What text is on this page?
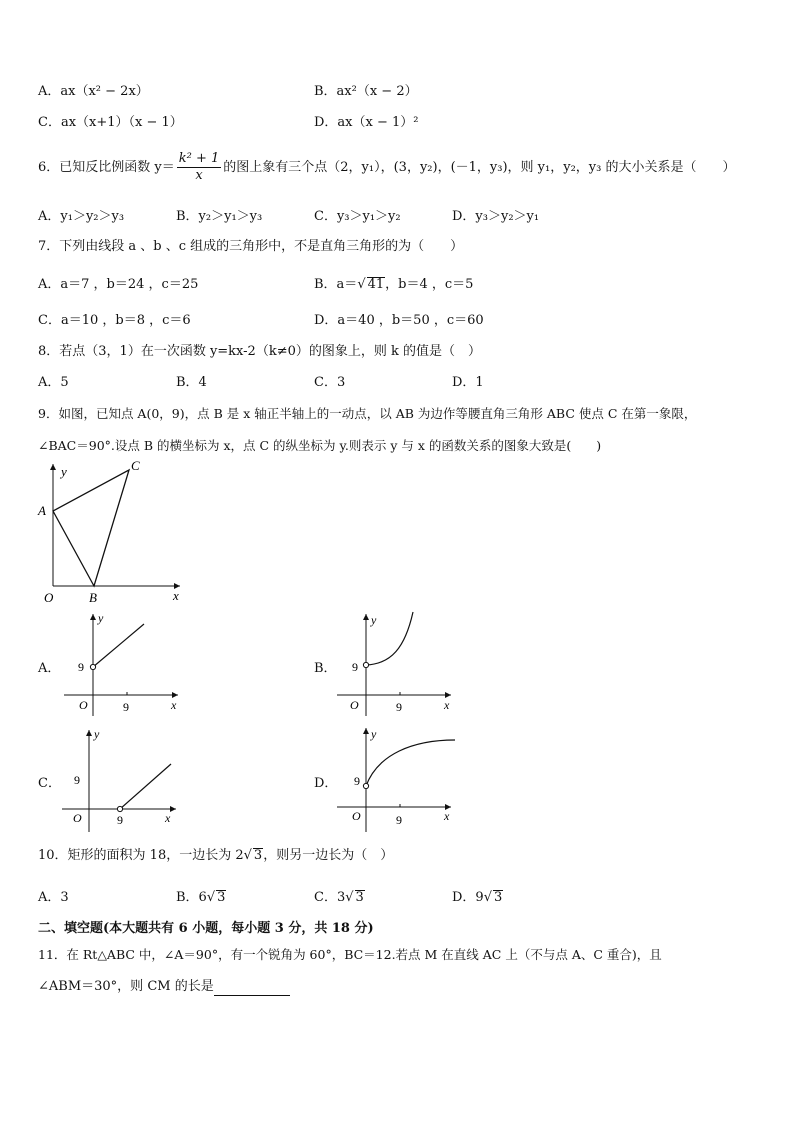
A．ax（x² − 2x）	B．ax²（x − 2）
C．ax（x+1）（x − 1）	D．ax（x − 1）²
6．已知反比例函数 $y= \frac{\text{k² + 1}}{x}$ 的图上象有三个点（2，y₁），(3，y₂)，(－1，y₃)，则 y₁，y₂，y₃ 的大小关系是（　　）
A．y₁＞y₂＞y₃	B．y₂＞y₁＞y₃	C．y₃＞y₁＞y₂	D．y₃＞y₂＞y₁
7．下列由线段 a 、b 、c 组成的三角形中，不是直角三角形的为（　　）
A．a＝7 ，b＝24 ，c＝25	B．a＝√ 41，b＝4 ，c＝5
C．a＝10 ，b＝8 ，c＝6	D．a＝40 ，b＝50 ，c＝60
8．若点（3，1）在一次函数 y=kx-2（k≠0）的图象上，则 k 的值是（　）
A．5	B．4	C．3	D．1
9．如图，已知点 A(0，9)，点 B 是 x 轴正半轴上的一动点，以 AB 为边作等腰直角三角形 ABC 使点 C 在第一象限，
∠BAC＝90°.设点 B 的横坐标为 x，点 C 的纵坐标为 y.则表示 y 与 x 的函数关系的图象大致是(　　)
y
x
O
A
B
C
A．
y
x
O
9
9
B．
y
x
O
9
9
C．
y
x
O
9
9
D．
y
x
O
9
9
10．矩形的面积为 18，一边长为 2√ 3，则另一边长为（　）
A．3	B．6√ 3	C．3√ 3	D．9√ 3
二、填空题(本大题共有 6 小题，每小题 3 分，共 18 分)
11．在 Rt△ABC 中，∠A＝90°，有一个锐角为 60°，BC＝12.若点 M 在直线 AC 上（不与点 A、C 重合)，且
∠ABM＝30°，则 CM 的长是
